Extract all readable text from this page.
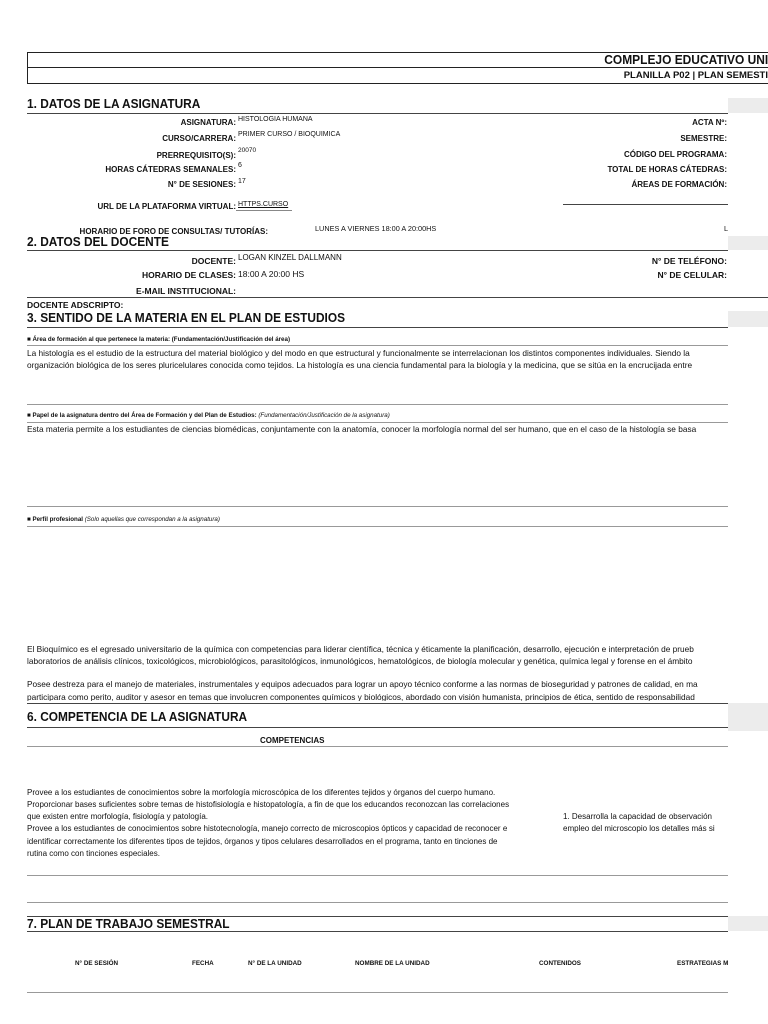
COMPLEJO EDUCATIVO UNI
PLANILLA P02 | PLAN SEMESTI
1. DATOS DE LA ASIGNATURA
ASIGNATURA: HISTOLOGIA HUMANA
CURSO/CARRERA: PRIMER CURSO / BIOQUIMICA
PRERREQUISITO(S):
20070
HORAS CÁTEDRAS SEMANALES: 6
N° DE SESIONES: 17
URL DE LA PLATAFORMA VIRTUAL: HTTPS.CURSO
HORARIO DE FORO DE CONSULTAS/ TUTORÍAS:	LUNES A VIERNES 18:00 A 20:00HS
ACTA Nº:
SEMESTRE:
CÓDIGO DEL PROGRAMA:
TOTAL DE HORAS CÁTEDRAS:
ÁREAS DE FORMACIÓN:
L
2. DATOS DEL DOCENTE
DOCENTE: LOGAN KINZEL DALLMANN
HORARIO DE CLASES: 18:00 A 20:00 HS
E-MAIL INSTITUCIONAL:
N° DE TELÉFONO:
N° DE CELULAR:
DOCENTE ADSCRIPTO:
3. SENTIDO DE LA MATERIA EN EL PLAN DE ESTUDIOS
■ Área de formación al que pertenece la materia: (Fundamentación/Justificación del área)
La histología es el estudio de la estructura del material biológico y del modo en que estructural y funcionalmente se interrelacionan los distintos componentes individuales. Siendo la
organización biológica de los seres pluricelulares conocida como tejidos. La histología es una ciencia fundamental para la biología y la medicina, que se sitúa en la encrucijada entre
■ Papel de la asignatura dentro del Área de Formación y del Plan de Estudios: (Fundamentación/Justificación de la asignatura)
Esta materia permite a los estudiantes de ciencias biomédicas, conjuntamente con la anatomía, conocer la morfología normal del ser humano, que en el caso de la histología se basa
■ Perfil profesional (Solo aquellas que correspondan a la asignatura)
El Bioquímico es el egresado universitario de la química con competencias para liderar científica, técnica y éticamente la planificación, desarrollo, ejecución e interpretación de prueb
laboratorios de análisis clínicos, toxicológicos, microbiológicos, parasitológicos, inmunológicos, hematológicos, de biología molecular y genética, química legal y forense en el ámbito
Posee destreza para el manejo de materiales, instrumentales y equipos adecuados para lograr un apoyo técnico conforme a las normas de bioseguridad y patrones de calidad, en ma
participara como perito, auditor y asesor en temas que involucren componentes químicos y biológicos, abordado con visión humanista, principios de ética, sentido de responsabilidad
6. COMPETENCIA DE LA ASIGNATURA
COMPETENCIAS
Provee a los estudiantes de conocimientos sobre la morfología microscópica de los diferentes tejidos y órganos del cuerpo humano.
Proporcionar bases suficientes sobre temas de histofisiología e histopatología, a fin de que los educandos reconozcan las correlaciones
que existen entre morfología, fisiología y patología.
Provee a los estudiantes de conocimientos sobre histotecnología, manejo correcto de microscopios ópticos y capacidad de reconocer e
identificar correctamente los diferentes tipos de tejidos, órganos y tipos celulares desarrollados en el programa, tanto en tinciones de
rutina como con tinciones especiales.
1. Desarrolla la capacidad de observación
empleo del microscopio los detalles más si
7. PLAN DE TRABAJO SEMESTRAL
N° DE SESIÓN	FECHA	N° DE LA UNIDAD	NOMBRE DE LA UNIDAD	CONTENIDOS	ESTRATEGIAS M
